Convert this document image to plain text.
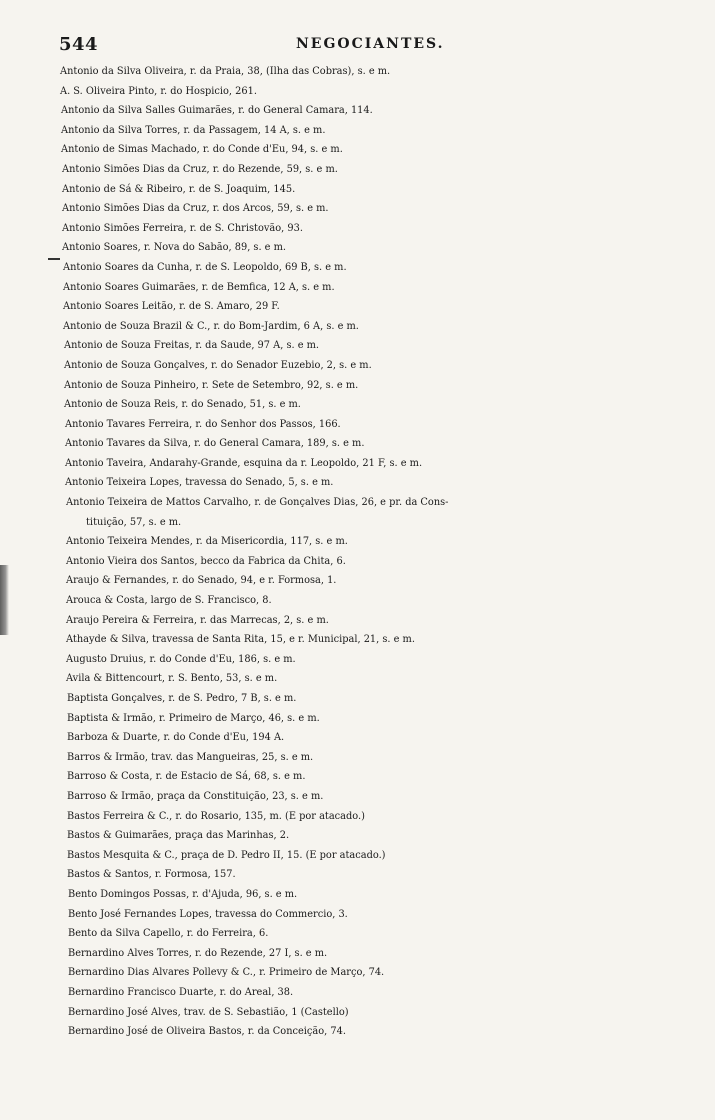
544	NEGOCIANTES.
Antonio da Silva Oliveira, r. da Praia, 38, (Ilha das Cobras), s. e m.
A. S. Oliveira Pinto, r. do Hospicio, 261.
Antonio da Silva Salles Guimarães, r. do General Camara, 114.
Antonio da Silva Torres, r. da Passagem, 14 A, s. e m.
Antonio de Simas Machado, r. do Conde d'Eu, 94, s. e m.
Antonio Simões Dias da Cruz, r. do Rezende, 59, s. e m.
Antonio de Sá & Ribeiro, r. de S. Joaquim, 145.
Antonio Simões Dias da Cruz, r. dos Arcos, 59, s. e m.
Antonio Simões Ferreira, r. de S. Christovão, 93.
Antonio Soares, r. Nova do Sabão, 89, s. e m.
Antonio Soares da Cunha, r. de S. Leopoldo, 69 B, s. e m.
Antonio Soares Guimarães, r. de Bemfica, 12 A, s. e m.
Antonio Soares Leitão, r. de S. Amaro, 29 F.
Antonio de Souza Brazil & C., r. do Bom-Jardim, 6 A, s. e m.
Antonio de Souza Freitas, r. da Saude, 97 A, s. e m.
Antonio de Souza Gonçalves, r. do Senador Euzebio, 2, s. e m.
Antonio de Souza Pinheiro, r. Sete de Setembro, 92, s. e m.
Antonio de Souza Reis, r. do Senado, 51, s. e m.
Antonio Tavares Ferreira, r. do Senhor dos Passos, 166.
Antonio Tavares da Silva, r. do General Camara, 189, s. e m.
Antonio Taveira, Andarahy-Grande, esquina da r. Leopoldo, 21 F, s. e m.
Antonio Teixeira Lopes, travessa do Senado, 5, s. e m.
Antonio Teixeira de Mattos Carvalho, r. de Gonçalves Dias, 26, e pr. da Cons-
tituição, 57, s. e m.
Antonio Teixeira Mendes, r. da Misericordia, 117, s. e m.
Antonio Vieira dos Santos, becco da Fabrica da Chita, 6.
Araujo & Fernandes, r. do Senado, 94, e r. Formosa, 1.
Arouca & Costa, largo de S. Francisco, 8.
Araujo Pereira & Ferreira, r. das Marrecas, 2, s. e m.
Athayde & Silva, travessa de Santa Rita, 15, e r. Municipal, 21, s. e m.
Augusto Druius, r. do Conde d'Eu, 186, s. e m.
Avila & Bittencourt, r. S. Bento, 53, s. e m.
Baptista Gonçalves, r. de S. Pedro, 7 B, s. e m.
Baptista & Irmão, r. Primeiro de Março, 46, s. e m.
Barboza & Duarte, r. do Conde d'Eu, 194 A.
Barros & Irmão, trav. das Mangueiras, 25, s. e m.
Barroso & Costa, r. de Estacio de Sá, 68, s. e m.
Barroso & Irmão, praça da Constituição, 23, s. e m.
Bastos Ferreira & C., r. do Rosario, 135, m. (E por atacado.)
Bastos & Guimarães, praça das Marinhas, 2.
Bastos Mesquita & C., praça de D. Pedro II, 15. (E por atacado.)
Bastos & Santos, r. Formosa, 157.
Bento Domingos Possas, r. d'Ajuda, 96, s. e m.
Bento José Fernandes Lopes, travessa do Commercio, 3.
Bento da Silva Capello, r. do Ferreira, 6.
Bernardino Alves Torres, r. do Rezende, 27 I, s. e m.
Bernardino Dias Alvares Pollevy & C., r. Primeiro de Março, 74.
Bernardino Francisco Duarte, r. do Areal, 38.
Bernardino José Alves, trav. de S. Sebastião, 1 (Castello)
Bernardino José de Oliveira Bastos, r. da Conceição, 74.
